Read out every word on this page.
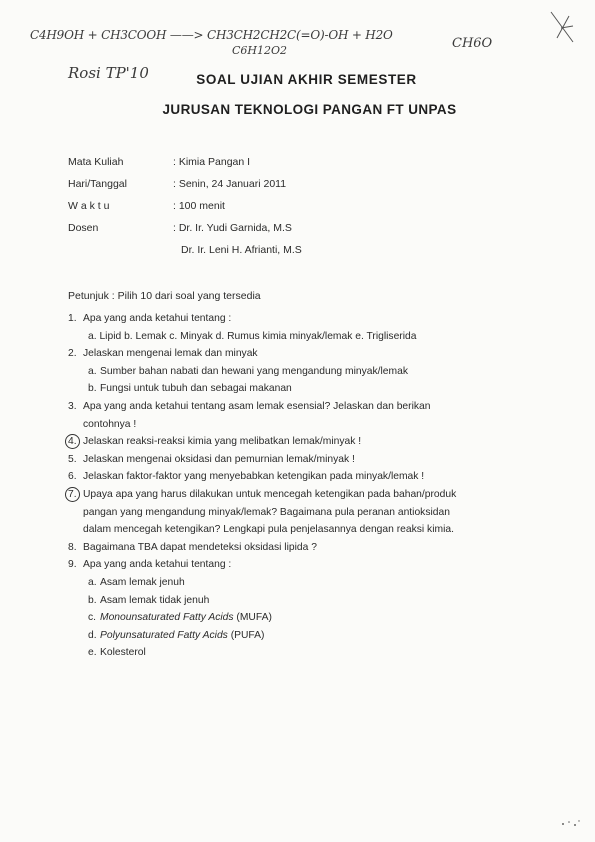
C4H9OH + CH3COOH ——> CH3CH2CH2C(=O)-OH + H2O
C6H12O2	CH6O
Rosi TP'10	SOAL UJIAN AKHIR SEMESTER
JURUSAN TEKNOLOGI PANGAN FT UNPAS
Mata Kuliah	: Kimia Pangan I
Hari/Tanggal	: Senin, 24 Januari 2011
W a k t u	: 100 menit
Dosen	: Dr. Ir. Yudi Garnida, M.S
Dr. Ir. Leni H. Afrianti, M.S
Petunjuk : Pilih 10 dari soal yang tersedia
1. Apa yang anda ketahui tentang :
a. Lipid b. Lemak c. Minyak d. Rumus kimia minyak/lemak e. Trigliserida
2. Jelaskan mengenai lemak dan minyak
a. Sumber bahan nabati dan hewani yang mengandung minyak/lemak
b. Fungsi untuk tubuh dan sebagai makanan
3. Apa yang anda ketahui tentang asam lemak esensial? Jelaskan dan berikan
contohnya !
4. Jelaskan reaksi-reaksi kimia yang melibatkan lemak/minyak !
5. Jelaskan mengenai oksidasi dan pemurnian lemak/minyak !
6. Jelaskan faktor-faktor yang menyebabkan ketengikan pada minyak/lemak !
7. Upaya apa yang harus dilakukan untuk mencegah ketengikan pada bahan/produk
pangan yang mengandung minyak/lemak? Bagaimana pula peranan antioksidan
dalam mencegah ketengikan? Lengkapi pula penjelasannya dengan reaksi kimia.
8. Bagaimana TBA dapat mendeteksi oksidasi lipida ?
9. Apa yang anda ketahui tentang :
a. Asam lemak jenuh
b. Asam lemak tidak jenuh
c. Monounsaturated Fatty Acids (MUFA)
d. Polyunsaturated Fatty Acids (PUFA)
e. Kolesterol
